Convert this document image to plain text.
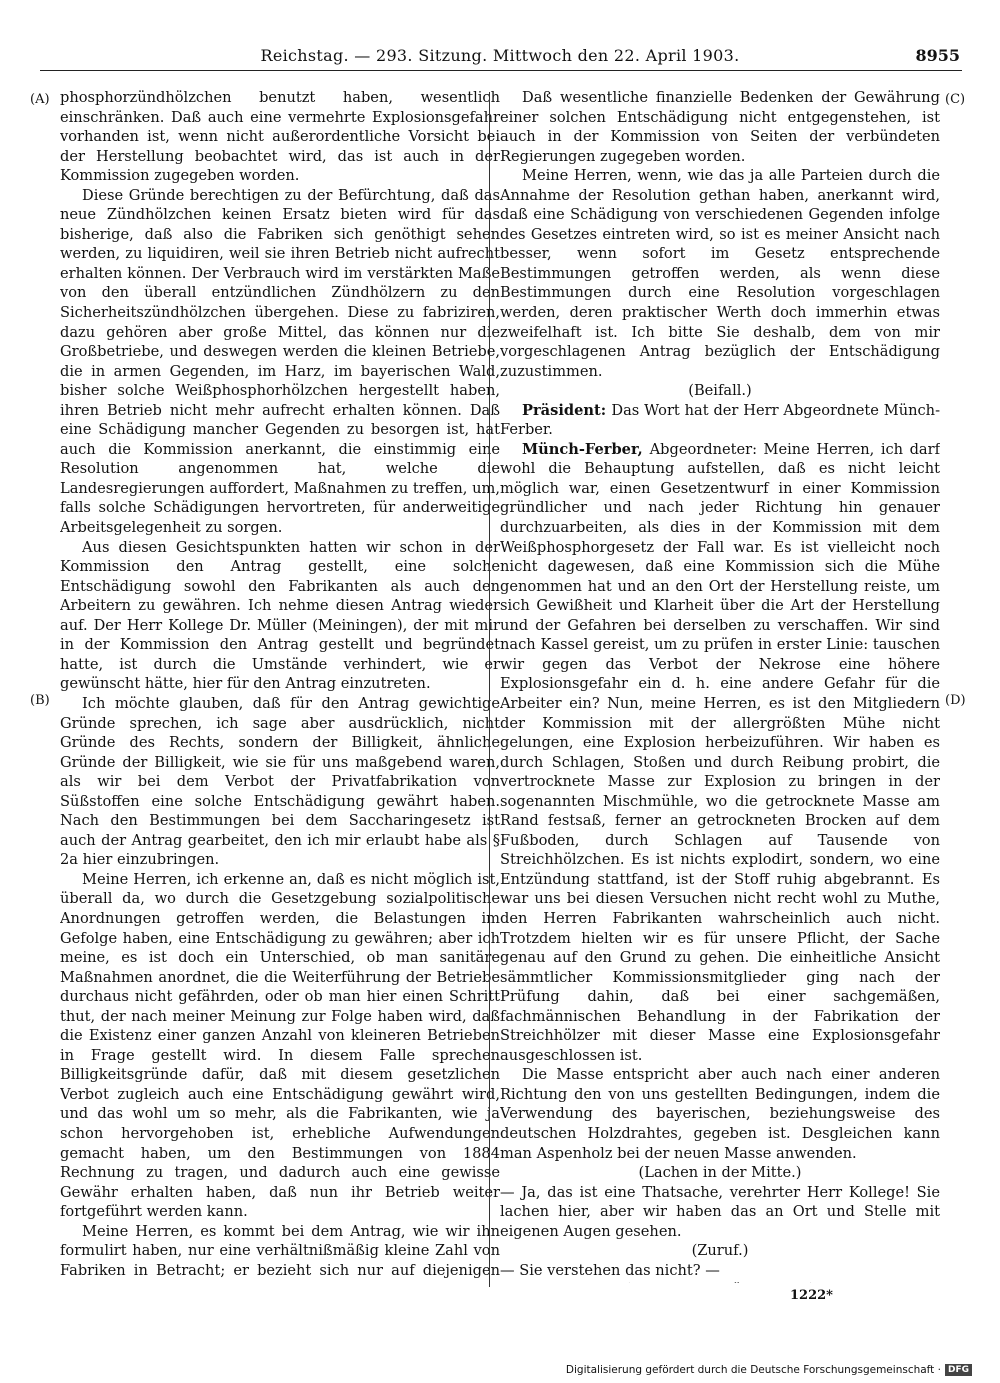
Reichstag. — 293. Sitzung. Mittwoch den 22. April 1903.	8955
(A)
(B)
(C)
(D)

phosphorzündhölzchen benutzt haben, wesentlich einschränken. Daß auch eine vermehrte Explosionsgefahr vorhanden ist, wenn nicht außerordentliche Vorsicht bei der Herstellung beobachtet wird, das ist auch in der Kommission zugegeben worden.

Diese Gründe berechtigen zu der Befürchtung, daß das neue Zündhölzchen keinen Ersatz bieten wird für das bisherige, daß also die Fabriken sich genöthigt sehen werden, zu liquidiren, weil sie ihren Betrieb nicht aufrecht erhalten können. Der Verbrauch wird im verstärkten Maße von den überall entzündlichen Zündhölzern zu den Sicherheitszündhölzchen übergehen. Diese zu fabriziren, dazu gehören aber große Mittel, das können nur die Großbetriebe, und deswegen werden die kleinen Betriebe, die in armen Gegenden, im Harz, im bayerischen Wald, bisher solche Weißphosphorhölzchen hergestellt haben, ihren Betrieb nicht mehr aufrecht erhalten können. Daß eine Schädigung mancher Gegenden zu besorgen ist, hat auch die Kommission anerkannt, die einstimmig eine Resolution angenommen hat, welche die Landesregierungen auffordert, Maßnahmen zu treffen, um, falls solche Schädigungen hervortreten, für anderweitige Arbeitsgelegenheit zu sorgen.

Aus diesen Gesichtspunkten hatten wir schon in der Kommission den Antrag gestellt, eine solche Entschädigung sowohl den Fabrikanten als auch den Arbeitern zu gewähren. Ich nehme diesen Antrag wieder auf. Der Herr Kollege Dr. Müller (Meiningen), der mit mir in der Kommission den Antrag gestellt und begründet hatte, ist durch die Umstände verhindert, wie er gewünscht hätte, hier für den Antrag einzutreten.

Ich möchte glauben, daß für den Antrag gewichtige Gründe sprechen, ich sage aber ausdrücklich, nicht Gründe des Rechts, sondern der Billigkeit, ähnliche Gründe der Billigkeit, wie sie für uns maßgebend waren, als wir bei dem Verbot der Privatfabrikation von Süßstoffen eine solche Entschädigung gewährt haben. Nach den Bestimmungen bei dem Saccharingesetz ist auch der Antrag gearbeitet, den ich mir erlaubt habe als § 2a hier einzubringen.

Meine Herren, ich erkenne an, daß es nicht möglich ist, überall da, wo durch die Gesetzgebung sozialpolitische Anordnungen getroffen werden, die Belastungen im Gefolge haben, eine Entschädigung zu gewähren; aber ich meine, es ist doch ein Unterschied, ob man sanitäre Maßnahmen anordnet, die die Weiterführung der Betriebe durchaus nicht gefährden, oder ob man hier einen Schritt thut, der nach meiner Meinung zur Folge haben wird, daß die Existenz einer ganzen Anzahl von kleineren Betrieben in Frage gestellt wird. In diesem Falle sprechen Billigkeitsgründe dafür, daß mit diesem gesetzlichen Verbot zugleich auch eine Entschädigung gewährt wird, und das wohl um so mehr, als die Fabrikanten, wie ja schon hervorgehoben ist, erhebliche Aufwendungen gemacht haben, um den Bestimmungen von 1884 Rechnung zu tragen, und dadurch auch eine gewisse Gewähr erhalten haben, daß nun ihr Betrieb weiter fortgeführt werden kann.

Meine Herren, es kommt bei dem Antrag, wie wir ihn formulirt haben, nur eine verhältnißmäßig kleine Zahl von Fabriken in Betracht; er bezieht sich nur auf diejenigen

Daß wesentliche finanzielle Bedenken der Gewährung einer solchen Entschädigung nicht entgegenstehen, ist auch in der Kommission von Seiten der verbündeten Regierungen zugegeben worden.

Meine Herren, wenn, wie das ja alle Parteien durch die Annahme der Resolution gethan haben, anerkannt wird, daß eine Schädigung von verschiedenen Gegenden infolge des Gesetzes eintreten wird, so ist es meiner Ansicht nach besser, wenn sofort im Gesetz entsprechende Bestimmungen getroffen werden, als wenn diese Bestimmungen durch eine Resolution vorgeschlagen werden, deren praktischer Werth doch immerhin etwas zweifelhaft ist. Ich bitte Sie deshalb, dem von mir vorgeschlagenen Antrag bezüglich der Entschädigung zuzustimmen.

(Beifall.)

Präsident: Das Wort hat der Herr Abgeordnete Münch-Ferber.

Münch-Ferber, Abgeordneter: Meine Herren, ich darf wohl die Behauptung aufstellen, daß es nicht leicht möglich war, einen Gesetzentwurf in einer Kommission gründlicher und nach jeder Richtung hin genauer durchzuarbeiten, als dies in der Kommission mit dem Weißphosphorgesetz der Fall war. Es ist vielleicht noch nicht dagewesen, daß eine Kommission sich die Mühe genommen hat und an den Ort der Herstellung reiste, um sich Gewißheit und Klarheit über die Art der Herstellung und der Gefahren bei derselben zu verschaffen. Wir sind nach Kassel gereist, um zu prüfen in erster Linie: tauschen wir gegen das Verbot der Nekrose eine höhere Explosionsgefahr ein d. h. eine andere Gefahr für die Arbeiter ein? Nun, meine Herren, es ist den Mitgliedern der Kommission mit der allergrößten Mühe nicht gelungen, eine Explosion herbeizuführen. Wir haben es durch Schlagen, Stoßen und durch Reibung probirt, die vertrocknete Masse zur Explosion zu bringen in der sogenannten Mischmühle, wo die getrocknete Masse am Rand festsaß, ferner an getrockneten Brocken auf dem Fußboden, durch Schlagen auf Tausende von Streichhölzchen. Es ist nichts explodirt, sondern, wo eine Entzündung stattfand, ist der Stoff ruhig abgebrannt. Es war uns bei diesen Versuchen nicht recht wohl zu Muthe, den Herren Fabrikanten wahrscheinlich auch nicht. Trotzdem hielten wir es für unsere Pflicht, der Sache genau auf den Grund zu gehen. Die einheitliche Ansicht sämmtlicher Kommissionsmitglieder ging nach der Prüfung dahin, daß bei einer sachgemäßen, fachmännischen Behandlung in der Fabrikation der Streichhölzer mit dieser Masse eine Explosionsgefahr ausgeschlossen ist.

Die Masse entspricht aber auch nach einer anderen Richtung den von uns gestellten Bedingungen, indem die Verwendung des bayerischen, beziehungsweise des deutschen Holzdrahtes, gegeben ist. Desgleichen kann man Aspenholz bei der neuen Masse anwenden.

(Lachen in der Mitte.)

— Ja, das ist eine Thatsache, verehrter Herr Kollege! Sie lachen hier, aber wir haben das an Ort und Stelle mit eigenen Augen gesehen.

(Zuruf.)

— Sie verstehen das nicht? —

1222*
Digitalisierung gefördert durch die Deutsche Forschungsgemeinschaft · DFG
